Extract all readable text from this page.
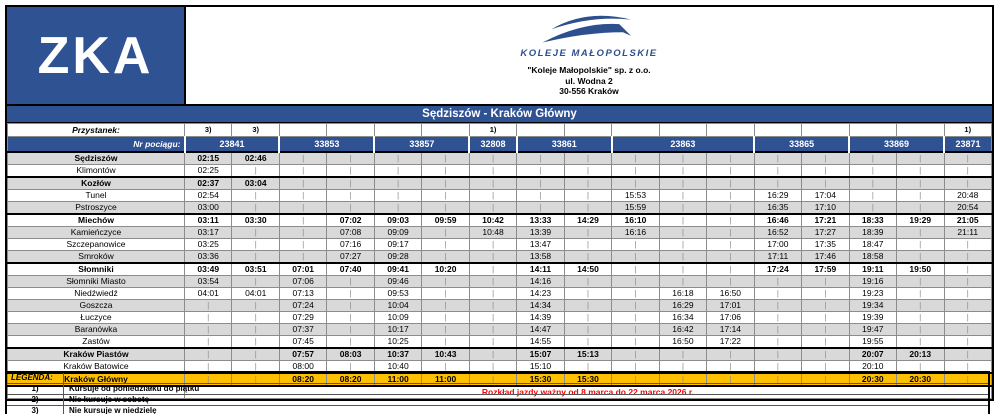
ZKA	KOLEJE MAŁOPOLSKIE
"Koleje Małopolskie" sp. z o.o.
ul. Wodna 2
30-556 Kraków
Sędziszów - Kraków Główny
Przystanek:	3)	3)					1)										1)
Nr pociągu:	23841		33853		33857		32808	33861		23863			33865		33869		23871
Sędziszów	02:15	02:46	|	|	|	|	|	|	|	|	|	|	|	|	|	|	|
Klimontów	02:25	|	|	|	|	|	|	|	|	|	|	|	|	|	|	|	|
Kozłów	02:37	03:04	|	|	|	|	|	|	|	|	|	|	|	|	|	|	|
Tunel	02:54	|	|	|	|	|	|	|	|	15:53	|	|	16:29	17:04	|	|	20:48
Pstroszyce	03:00	|	|	|	|	|	|	|	|	15:59	|	|	16:35	17:10	|	|	20:54
Miechów	03:11	03:30	|	07:02	09:03	09:59	10:42	13:33	14:29	16:10	|	|	16:46	17:21	18:33	19:29	21:05
Kamieńczyce	03:17	|	|	07:08	09:09	|	10:48	13:39	|	16:16	|	|	16:52	17:27	18:39	|	21:11
Szczepanowice	03:25	|	|	07:16	09:17	|	|	13:47	|	|	|	|	17:00	17:35	18:47	|	|
Smroków	03:36	|	|	07:27	09:28	|	|	13:58	|	|	|	|	17:11	17:46	18:58	|	|
Słomniki	03:49	03:51	07:01	07:40	09:41	10:20	|	14:11	14:50	|	|	|	17:24	17:59	19:11	19:50	|
Słomniki Miasto	03:54	|	07:06	|	09:46	|	|	14:16	|	|	|	|	|	|	19:16	|	|
Niedźwiedź	04:01	04:01	07:13	|	09:53	|	|	14:23	|	|	16:18	16:50	|	|	19:23	|	|
Goszcza	|	|	07:24	|	10:04	|	|	14:34	|	|	16:29	17:01	|	|	19:34	|	|
Łuczyce	|	|	07:29	|	10:09	|	|	14:39	|	|	16:34	17:06	|	|	19:39	|	|
Baranówka	|	|	07:37	|	10:17	|	|	14:47	|	|	16:42	17:14	|	|	19:47	|	|
Zastów	|	|	07:45	|	10:25	|	|	14:55	|	|	16:50	17:22	|	|	19:55	|	|
Kraków Piastów	|	|	07:57	08:03	10:37	10:43	|	15:07	15:13	|	|	|	|	|	20:07	20:13	|
Kraków Batowice	|	|	08:00	|	10:40	|	|	15:10	|	|	|	|	|	|	20:10	|	|
Kraków Główny	|	|	08:20	08:20	11:00	11:00	|	15:30	15:30	|	|	|	|	|	20:30	20:30	|
	Rozkład jazdy ważny od 8 marca do 22 marca 2026 r.																
LEGENDA:	
1)	Kursuje od poniedziałku do piątku
2)	Nie kursuje w sobotę
3)	Nie kursuje w niedzielę
